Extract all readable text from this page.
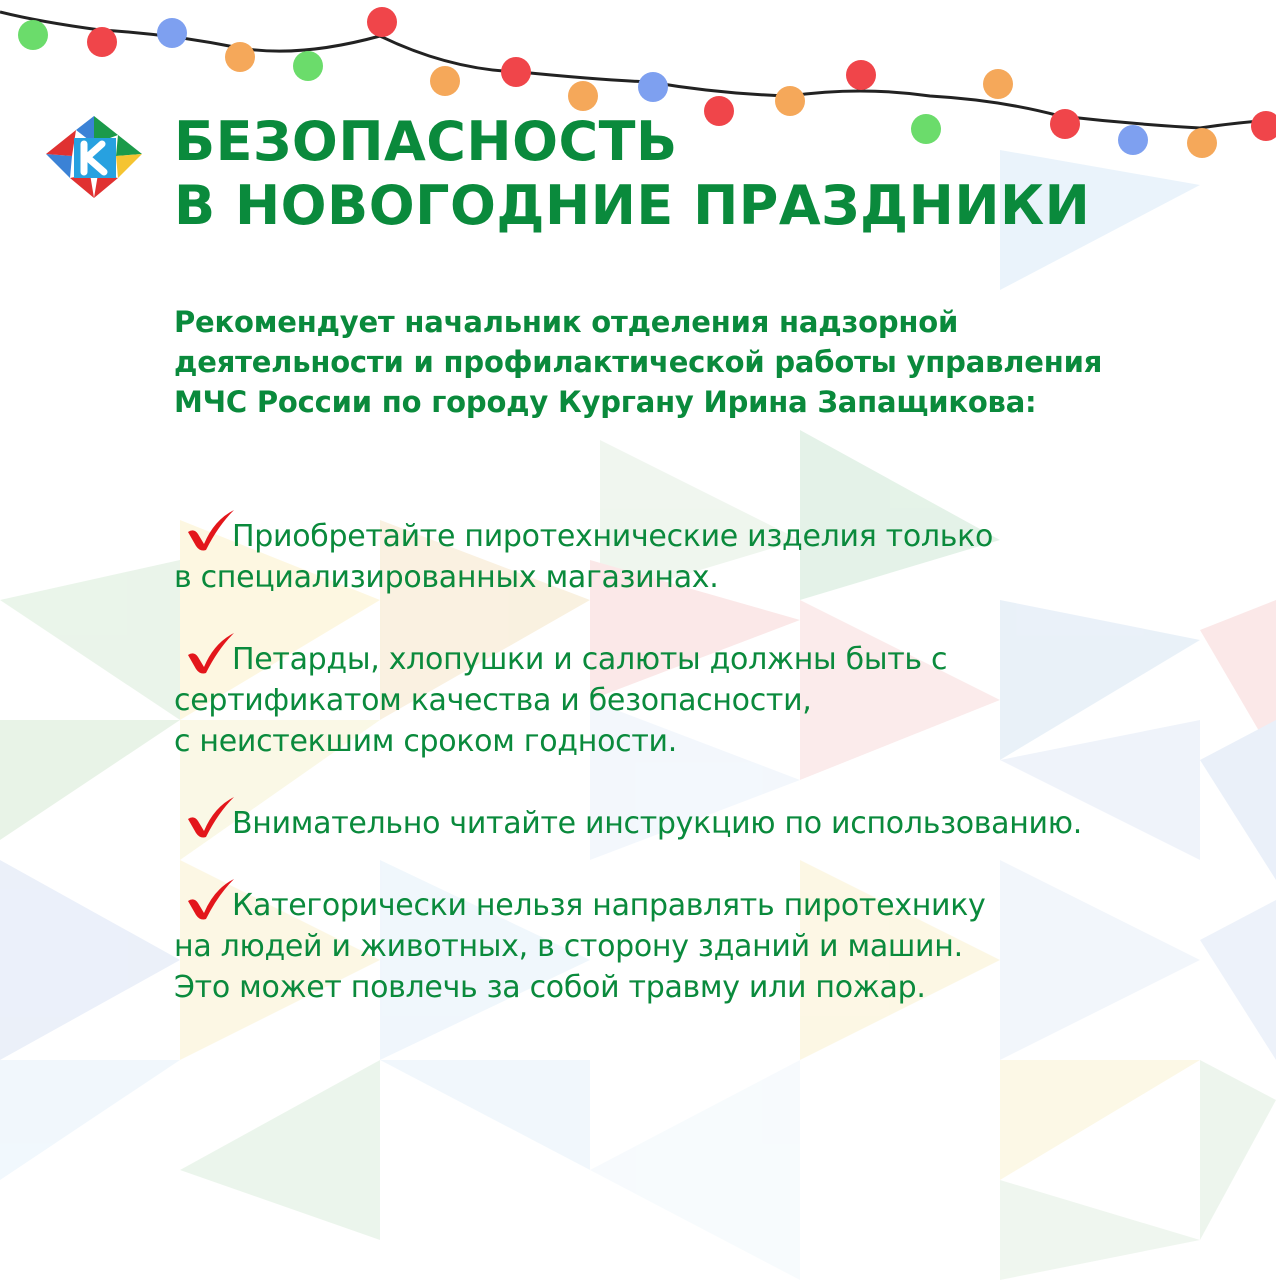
БЕЗОПАСНОСТЬ
В НОВОГОДНИЕ ПРАЗДНИКИ

Рекомендует начальник отделения надзорной
деятельности и профилактической работы управления
МЧС России по городу Кургану Ирина Запащикова:

Приобретайте пиротехнические изделия только
в специализированных магазинах.
Петарды, хлопушки и салюты должны быть с
сертификатом качества и безопасности,
с неистекшим сроком годности.
Внимательно читайте инструкцию по использованию.
Категорически нельзя направлять пиротехнику
на людей и животных, в сторону зданий и машин.
Это может повлечь за собой травму или пожар.
